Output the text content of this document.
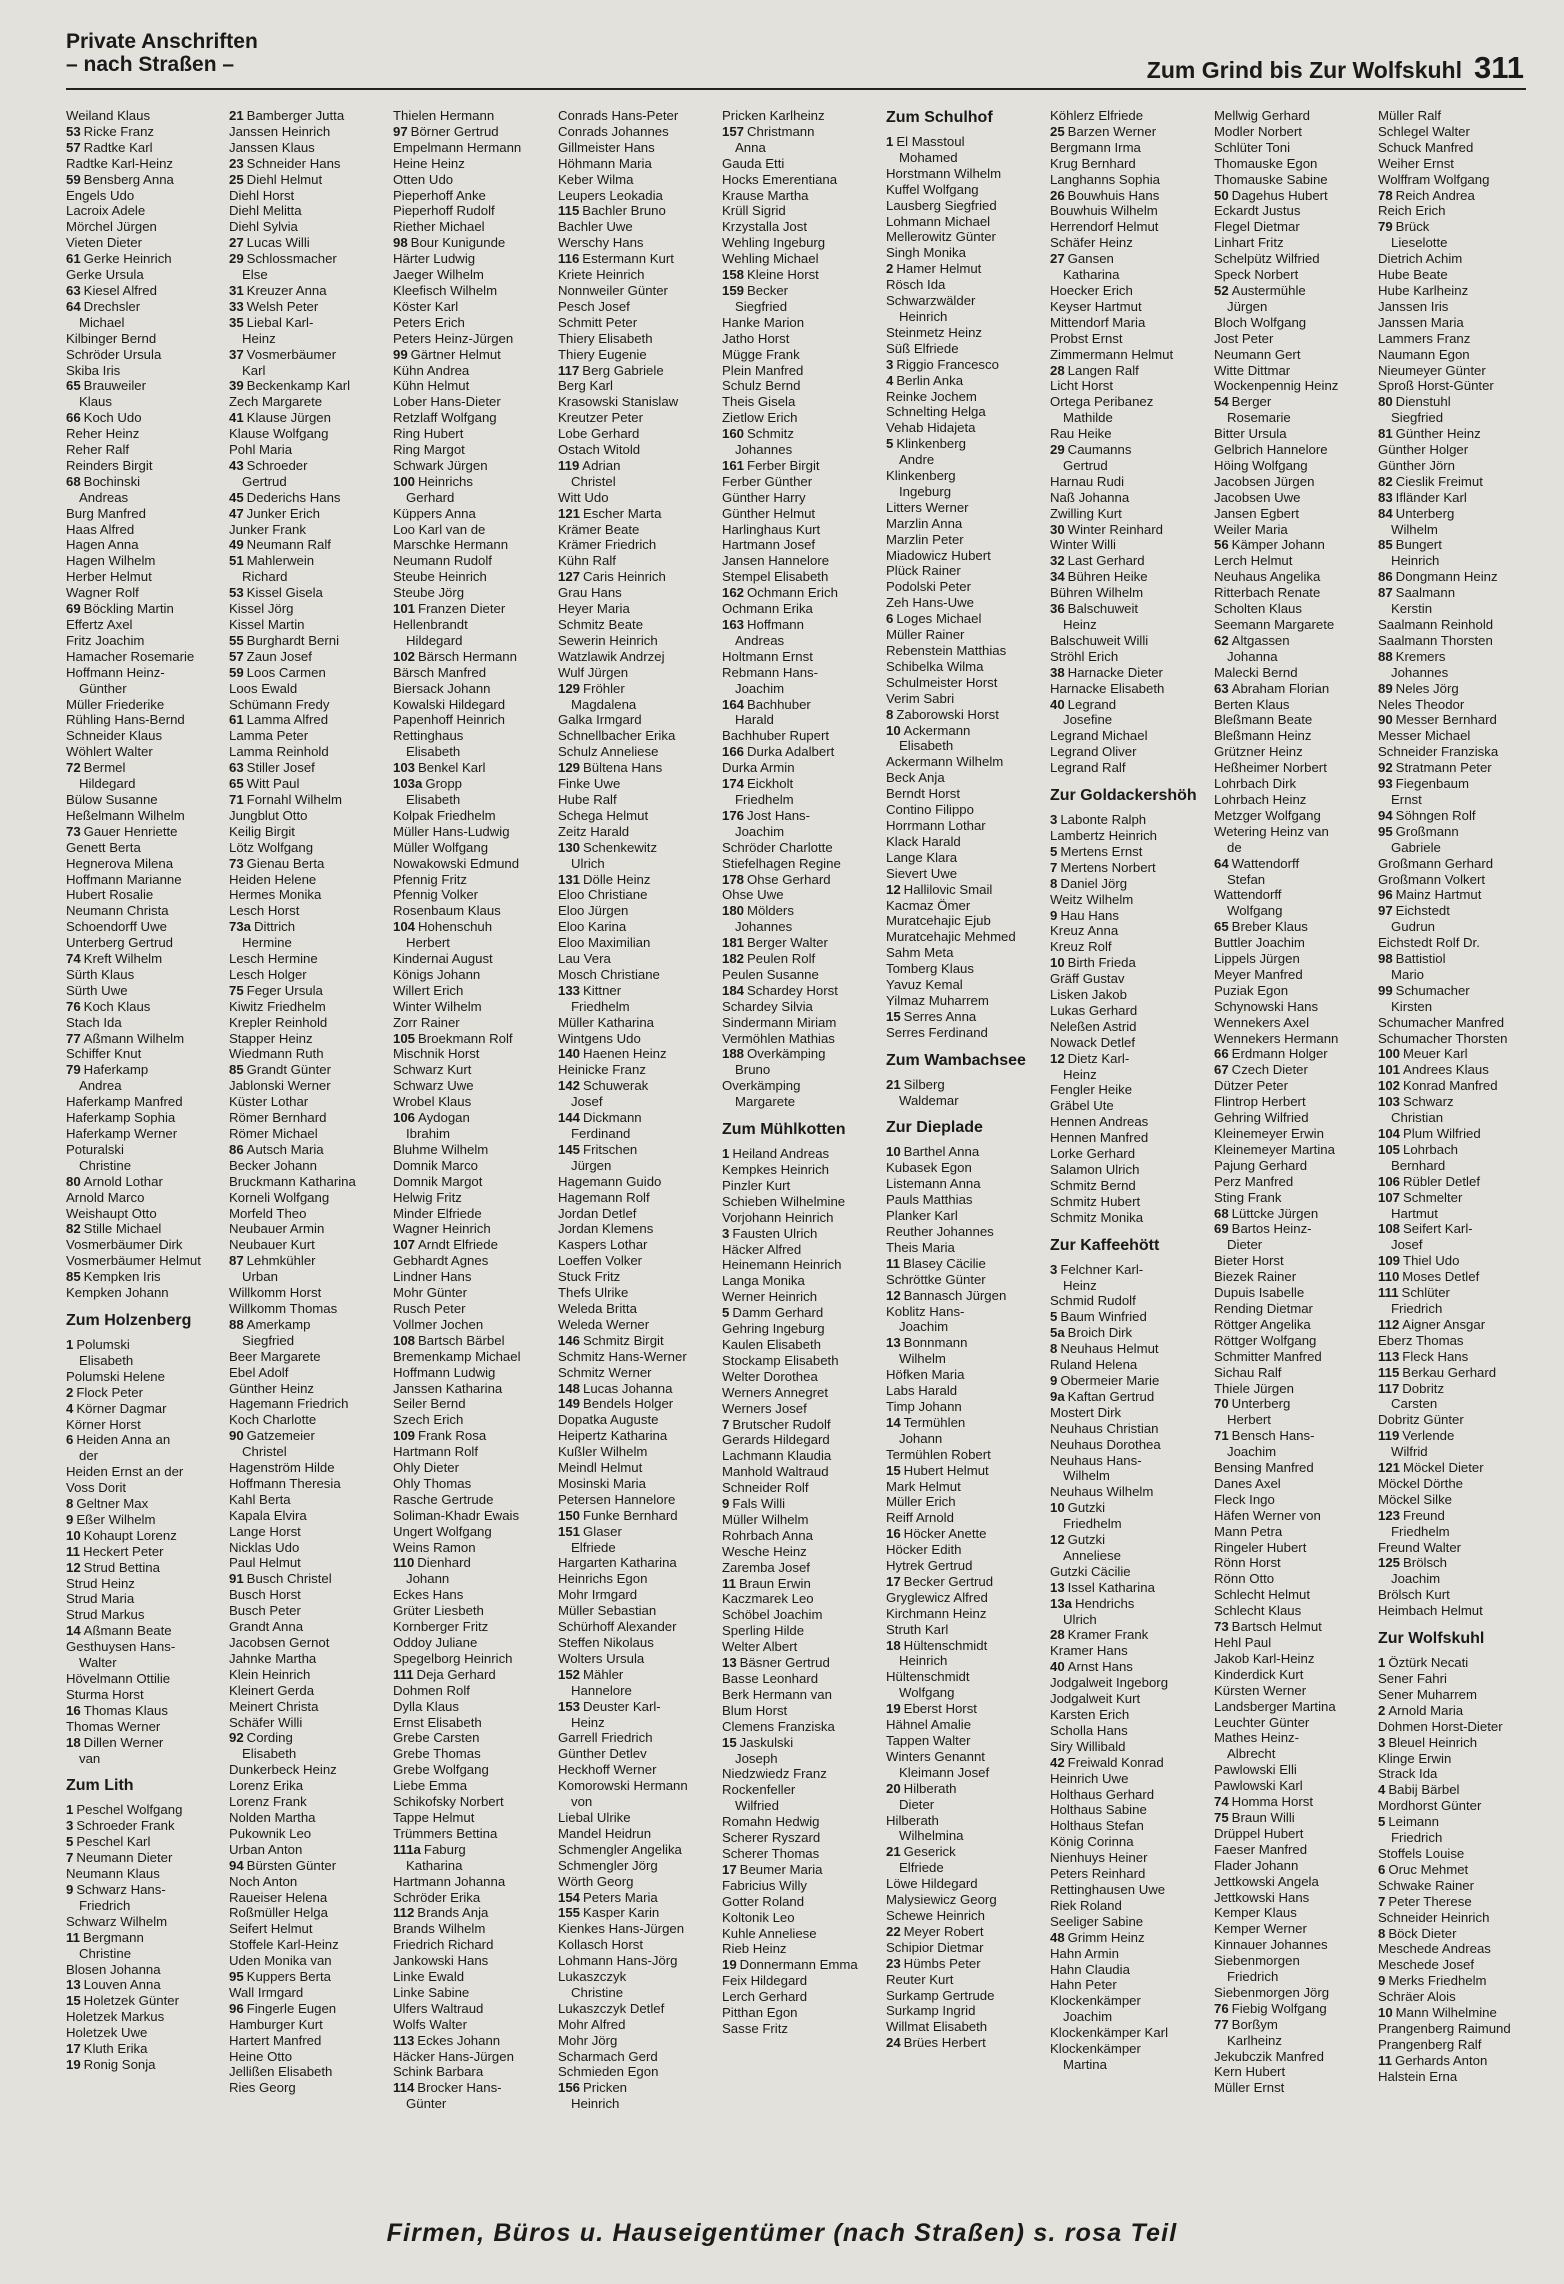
Private Anschriften
– nach Straßen –	Zum Grind bis Zur Wolfskuhl 311
Weiland Klaus
53 Ricke Franz
57 Radtke Karl
Radtke Karl-Heinz
59 Bensberg Anna
Engels Udo
Lacroix Adele
Mörchel Jürgen
Vieten Dieter
61 Gerke Heinrich
Gerke Ursula
63 Kiesel Alfred
64 Drechsler
Michael
Kilbinger Bernd
Schröder Ursula
Skiba Iris
65 Brauweiler
Klaus
66 Koch Udo
Reher Heinz
Reher Ralf
Reinders Birgit
68 Bochinski
Andreas
Burg Manfred
Haas Alfred
Hagen Anna
Hagen Wilhelm
Herber Helmut
Wagner Rolf
69 Böckling Martin
Effertz Axel
Fritz Joachim
Hamacher Rosemarie
Hoffmann Heinz-
Günther
Müller Friederike
Rühling Hans-Bernd
Schneider Klaus
Wöhlert Walter
72 Bermel
Hildegard
Bülow Susanne
Heßelmann Wilhelm
73 Gauer Henriette
Genett Berta
Hegnerova Milena
Hoffmann Marianne
Hubert Rosalie
Neumann Christa
Schoendorff Uwe
Unterberg Gertrud
74 Kreft Wilhelm
Sürth Klaus
Sürth Uwe
76 Koch Klaus
Stach Ida
77 Aßmann Wilhelm
Schiffer Knut
79 Haferkamp
Andrea
Haferkamp Manfred
Haferkamp Sophia
Haferkamp Werner
Poturalski
Christine
80 Arnold Lothar
Arnold Marco
Weishaupt Otto
82 Stille Michael
Vosmerbäumer Dirk
Vosmerbäumer Helmut
85 Kempken Iris
Kempken Johann
Zum Holzenberg
1 Polumski
Elisabeth
Polumski Helene
2 Flock Peter
4 Körner Dagmar
Körner Horst
6 Heiden Anna an
der
Heiden Ernst an der
Voss Dorit
8 Geltner Max
9 Eßer Wilhelm
10 Kohaupt Lorenz
11 Heckert Peter
12 Strud Bettina
Strud Heinz
Strud Maria
Strud Markus
14 Aßmann Beate
Gesthuysen Hans-
Walter
Hövelmann Ottilie
Sturma Horst
16 Thomas Klaus
Thomas Werner
18 Dillen Werner
van
Zum Lith
1 Peschel Wolfgang
3 Schroeder Frank
5 Peschel Karl
7 Neumann Dieter
Neumann Klaus
9 Schwarz Hans-
Friedrich
Schwarz Wilhelm
11 Bergmann
Christine
Blosen Johanna
13 Louven Anna
15 Holetzek Günter
Holetzek Markus
Holetzek Uwe
17 Kluth Erika
19 Ronig Sonja
21 Bamberger Jutta
Janssen Heinrich
Janssen Klaus
23 Schneider Hans
25 Diehl Helmut
Diehl Horst
Diehl Melitta
Diehl Sylvia
27 Lucas Willi
29 Schlossmacher
Else
31 Kreuzer Anna
33 Welsh Peter
35 Liebal Karl-
Heinz
37 Vosmerbäumer
Karl
39 Beckenkamp Karl
Zech Margarete
41 Klause Jürgen
Klause Wolfgang
Pohl Maria
43 Schroeder
Gertrud
45 Dederichs Hans
47 Junker Erich
Junker Frank
49 Neumann Ralf
51 Mahlerwein
Richard
53 Kissel Gisela
Kissel Jörg
Kissel Martin
55 Burghardt Berni
57 Zaun Josef
59 Loos Carmen
Loos Ewald
Schümann Fredy
61 Lamma Alfred
Lamma Peter
Lamma Reinhold
63 Stiller Josef
65 Witt Paul
71 Fornahl Wilhelm
Jungblut Otto
Keilig Birgit
Lötz Wolfgang
73 Gienau Berta
Heiden Helene
Hermes Monika
Lesch Horst
73a Dittrich
Hermine
Lesch Hermine
Lesch Holger
75 Feger Ursula
Kiwitz Friedhelm
Krepler Reinhold
Stapper Heinz
Wiedmann Ruth
85 Grandt Günter
Jablonski Werner
Küster Lothar
Römer Bernhard
Römer Michael
86 Autsch Maria
Becker Johann
Bruckmann Katharina
Korneli Wolfgang
Morfeld Theo
Neubauer Armin
Neubauer Kurt
87 Lehmkühler
Urban
Willkomm Horst
Willkomm Thomas
88 Amerkamp
Siegfried
Beer Margarete
Ebel Adolf
Günther Heinz
Hagemann Friedrich
Koch Charlotte
90 Gatzemeier
Christel
Hagenström Hilde
Hoffmann Theresia
Kahl Berta
Kapala Elvira
Lange Horst
Nicklas Udo
Paul Helmut
91 Busch Christel
Busch Horst
Busch Peter
Grandt Anna
Jacobsen Gernot
Jahnke Martha
Klein Heinrich
Kleinert Gerda
Meinert Christa
Schäfer Willi
92 Cording
Elisabeth
Dunkerbeck Heinz
Lorenz Erika
Lorenz Frank
Nolden Martha
Pukownik Leo
Urban Anton
94 Bürsten Günter
Noch Anton
Raueiser Helena
Roßmüller Helga
Seifert Helmut
Stoffele Karl-Heinz
Uden Monika van
95 Kuppers Berta
Wall Irmgard
96 Fingerle Eugen
Hamburger Kurt
Hartert Manfred
Heine Otto
Jellißen Elisabeth
Ries Georg
Thielen Hermann
97 Börner Gertrud
Empelmann Hermann
Heine Heinz
Otten Udo
Pieperhoff Anke
Pieperhoff Rudolf
Riether Michael
98 Bour Kunigunde
Härter Ludwig
Jaeger Wilhelm
Kleefisch Wilhelm
Köster Karl
Peters Erich
Peters Heinz-Jürgen
99 Gärtner Helmut
Kühn Andrea
Kühn Helmut
Lober Hans-Dieter
Retzlaff Wolfgang
Ring Hubert
Ring Margot
Schwark Jürgen
100 Heinrichs
Gerhard
Küppers Anna
Loo Karl van de
Marschke Hermann
Neumann Rudolf
Steube Heinrich
Steube Jörg
101 Franzen Dieter
Hellenbrandt
Hildegard
102 Bärsch Hermann
Bärsch Manfred
Biersack Johann
Kowalski Hildegard
Papenhoff Heinrich
Rettinghaus
Elisabeth
103 Benkel Karl
103a Gropp
Elisabeth
Kolpak Friedhelm
Müller Hans-Ludwig
Müller Wolfgang
Nowakowski Edmund
Pfennig Fritz
Pfennig Volker
Rosenbaum Klaus
104 Hohenschuh
Herbert
Kindernai August
Königs Johann
Willert Erich
Winter Wilhelm
Zorr Rainer
105 Broekmann Rolf
Mischnik Horst
Schwarz Kurt
Schwarz Uwe
Wrobel Klaus
106 Aydogan
Ibrahim
Bluhme Wilhelm
Domnik Marco
Domnik Margot
Helwig Fritz
Minder Elfriede
Wagner Heinrich
107 Arndt Elfriede
Gebhardt Agnes
Lindner Hans
Mohr Günter
Rusch Peter
Vollmer Jochen
108 Bartsch Bärbel
Bremenkamp Michael
Hoffmann Ludwig
Janssen Katharina
Seiler Bernd
Szech Erich
109 Frank Rosa
Hartmann Rolf
Ohly Dieter
Ohly Thomas
Rasche Gertrude
Soliman-Khadr Ewais
Ungert Wolfgang
Weins Ramon
110 Dienhard
Johann
Eckes Hans
Grüter Liesbeth
Kornberger Fritz
Oddoy Juliane
Spegelborg Heinrich
111 Deja Gerhard
Dohmen Rolf
Dylla Klaus
Ernst Elisabeth
Grebe Carsten
Grebe Thomas
Grebe Wolfgang
Liebe Emma
Schikofsky Norbert
Tappe Helmut
Trümmers Bettina
111a Faburg
Katharina
Hartmann Johanna
Schröder Erika
112 Brands Anja
Brands Wilhelm
Friedrich Richard
Jankowski Hans
Linke Ewald
Linke Sabine
Ulfers Waltraud
Wolfs Walter
113 Eckes Johann
Häcker Hans-Jürgen
Schink Barbara
114 Brocker Hans-
Günter
Conrads Hans-Peter
Conrads Johannes
Gillmeister Hans
Höhmann Maria
Keber Wilma
Leupers Leokadia
115 Bachler Bruno
Bachler Uwe
Werschy Hans
116 Estermann Kurt
Kriete Heinrich
Nonnweiler Günter
Pesch Josef
Schmitt Peter
Thiery Elisabeth
Thiery Eugenie
117 Berg Gabriele
Berg Karl
Krasowski Stanislaw
Kreutzer Peter
Lobe Gerhard
Ostach Witold
119 Adrian
Christel
Witt Udo
121 Escher Marta
Krämer Beate
Krämer Friedrich
Kühn Ralf
127 Caris Heinrich
Grau Hans
Heyer Maria
Schmitz Beate
Sewerin Heinrich
Watzlawik Andrzej
Wulf Jürgen
129 Fröhler
Magdalena
Galka Irmgard
Schnellbacher Erika
Schulz Anneliese
129 Bültena Hans
Finke Uwe
Hube Ralf
Schega Helmut
Zeitz Harald
130 Schenkewitz
Ulrich
131 Dölle Heinz
Eloo Christiane
Eloo Jürgen
Eloo Karina
Eloo Maximilian
Lau Vera
Mosch Christiane
133 Kittner
Friedhelm
Müller Katharina
Wintgens Udo
140 Haenen Heinz
Heinicke Franz
142 Schuwerak
Josef
144 Dickmann
Ferdinand
145 Fritschen
Jürgen
Hagemann Guido
Hagemann Rolf
Jordan Detlef
Jordan Klemens
Kaspers Lothar
Loeffen Volker
Stuck Fritz
Thefs Ulrike
Weleda Britta
Weleda Werner
146 Schmitz Birgit
Schmitz Hans-Werner
Schmitz Werner
148 Lucas Johanna
149 Bendels Holger
Dopatka Auguste
Heipertz Katharina
Kußler Wilhelm
Meindl Helmut
Mosinski Maria
Petersen Hannelore
150 Funke Bernhard
151 Glaser
Elfriede
Hargarten Katharina
Heinrichs Egon
Mohr Irmgard
Müller Sebastian
Schürhoff Alexander
Steffen Nikolaus
Wolters Ursula
152 Mähler
Hannelore
153 Deuster Karl-
Heinz
Garrell Friedrich
Günther Detlev
Heckhoff Werner
Komorowski Hermann
von
Liebal Ulrike
Mandel Heidrun
Schmengler Angelika
Schmengler Jörg
Wörth Georg
154 Peters Maria
155 Kasper Karin
Kienkes Hans-Jürgen
Kollasch Horst
Lohmann Hans-Jörg
Lukaszczyk
Christine
Lukaszczyk Detlef
Mohr Alfred
Mohr Jörg
Scharmach Gerd
Schmieden Egon
156 Pricken
Heinrich
Pricken Karlheinz
157 Christmann
Anna
Gauda Etti
Hocks Emerentiana
Krause Martha
Krüll Sigrid
Krzystalla Jost
Wehling Ingeburg
Wehling Michael
158 Kleine Horst
159 Becker
Siegfried
Hanke Marion
Jatho Horst
Mügge Frank
Plein Manfred
Schulz Bernd
Theis Gisela
Zietlow Erich
160 Schmitz
Johannes
161 Ferber Birgit
Ferber Günther
Günther Harry
Günther Helmut
Harlinghaus Kurt
Hartmann Josef
Jansen Hannelore
Stempel Elisabeth
162 Ochmann Erich
Ochmann Erika
163 Hoffmann
Andreas
Holtmann Ernst
Rebmann Hans-
Joachim
164 Bachhuber
Harald
Bachhuber Rupert
166 Durka Adalbert
Durka Armin
174 Eickholt
Friedhelm
176 Jost Hans-
Joachim
Schröder Charlotte
Stiefelhagen Regine
178 Ohse Gerhard
Ohse Uwe
180 Mölders
Johannes
181 Berger Walter
182 Peulen Rolf
Peulen Susanne
184 Schardey Horst
Schardey Silvia
Sindermann Miriam
Vermöhlen Mathias
188 Overkämping
Bruno
Overkämping
Margarete
Zum Mühlkotten
1 Heiland Andreas
Kempkes Heinrich
Pinzler Kurt
Schieben Wilhelmine
Vorjohann Heinrich
3 Fausten Ulrich
Häcker Alfred
Heinemann Heinrich
Langa Monika
Werner Heinrich
5 Damm Gerhard
Gehring Ingeburg
Kaulen Elisabeth
Stockamp Elisabeth
Welter Dorothea
Werners Annegret
Werners Josef
7 Brutscher Rudolf
Gerards Hildegard
Lachmann Klaudia
Manhold Waltraud
Schneider Rolf
9 Fals Willi
Müller Wilhelm
Rohrbach Anna
Wesche Heinz
Zaremba Josef
11 Braun Erwin
Kaczmarek Leo
Schöbel Joachim
Sperling Hilde
Welter Albert
13 Bäsner Gertrud
Basse Leonhard
Berk Hermann van
Blum Horst
Clemens Franziska
15 Jaskulski
Joseph
Niedzwiedz Franz
Rockenfeller
Wilfried
Romahn Hedwig
Scherer Ryszard
Scherer Thomas
17 Beumer Maria
Fabricius Willy
Gotter Roland
Koltonik Leo
Kuhle Anneliese
Rieb Heinz
19 Donnermann Emma
Feix Hildegard
Lerch Gerhard
Pitthan Egon
Sasse Fritz
Zum Schulhof
1 El Masstoul
Mohamed
Horstmann Wilhelm
Kuffel Wolfgang
Lausberg Siegfried
Lohmann Michael
Mellerowitz Günter
Singh Monika
2 Hamer Helmut
Rösch Ida
Schwarzwälder
Heinrich
Steinmetz Heinz
Süß Elfriede
3 Riggio Francesco
4 Berlin Anka
Reinke Jochem
Schnelting Helga
Vehab Hidajeta
5 Klinkenberg
Andre
Klinkenberg
Ingeburg
Litters Werner
Marzlin Anna
Marzlin Peter
Miadowicz Hubert
Plück Rainer
Podolski Peter
Zeh Hans-Uwe
6 Loges Michael
Müller Rainer
Rebenstein Matthias
Schibelka Wilma
Schulmeister Horst
Verim Sabri
8 Zaborowski Horst
10 Ackermann
Elisabeth
Ackermann Wilhelm
Beck Anja
Berndt Horst
Contino Filippo
Horrmann Lothar
Klack Harald
Lange Klara
Sievert Uwe
12 Hallilovic Smail
Kacmaz Ömer
Muratcehajic Ejub
Muratcehajic Mehmed
Sahm Meta
Tomberg Klaus
Yavuz Kemal
Yilmaz Muharrem
15 Serres Anna
Serres Ferdinand
Zum Wambachsee
21 Silberg
Waldemar
Zur Dieplade
10 Barthel Anna
Kubasek Egon
Listemann Anna
Pauls Matthias
Planker Karl
Reuther Johannes
Theis Maria
11 Blasey Cäcilie
Schröttke Günter
12 Bannasch Jürgen
Koblitz Hans-
Joachim
13 Bonnmann
Wilhelm
Höfken Maria
Labs Harald
Timp Johann
14 Termühlen
Johann
Termühlen Robert
15 Hubert Helmut
Mark Helmut
Müller Erich
Reiff Arnold
16 Höcker Anette
Höcker Edith
Hytrek Gertrud
17 Becker Gertrud
Gryglewicz Alfred
Kirchmann Heinz
Struth Karl
18 Hültenschmidt
Heinrich
Hültenschmidt
Wolfgang
19 Eberst Horst
Hähnel Amalie
Tappen Walter
Winters Genannt
Kleimann Josef
20 Hilberath
Dieter
Hilberath
Wilhelmina
21 Geserick
Elfriede
Löwe Hildegard
Malysiewicz Georg
Schewe Heinrich
22 Meyer Robert
Schipior Dietmar
23 Hümbs Peter
Reuter Kurt
Surkamp Gertrude
Surkamp Ingrid
Willmat Elisabeth
24 Brües Herbert
Köhlerz Elfriede
25 Barzen Werner
Bergmann Irma
Krug Bernhard
Langhanns Sophia
26 Bouwhuis Hans
Bouwhuis Wilhelm
Herrendorf Helmut
Schäfer Heinz
27 Gansen
Katharina
Hoecker Erich
Keyser Hartmut
Mittendorf Maria
Probst Ernst
Zimmermann Helmut
28 Langen Ralf
Licht Horst
Ortega Peribanez
Mathilde
Rau Heike
29 Caumanns
Gertrud
Harnau Rudi
Naß Johanna
Zwilling Kurt
30 Winter Reinhard
Winter Willi
32 Last Gerhard
34 Bühren Heike
Bühren Wilhelm
36 Balschuweit
Heinz
Balschuweit Willi
Ströhl Erich
38 Harnacke Dieter
Harnacke Elisabeth
40 Legrand
Josefine
Legrand Michael
Legrand Oliver
Legrand Ralf
Zur Goldackershöh
3 Labonte Ralph
Lambertz Heinrich
5 Mertens Ernst
7 Mertens Norbert
8 Daniel Jörg
Weitz Wilhelm
9 Hau Hans
Kreuz Anna
Kreuz Rolf
10 Birth Frieda
Gräff Gustav
Lisken Jakob
Lukas Gerhard
Neleßen Astrid
Nowack Detlef
12 Dietz Karl-
Heinz
Fengler Heike
Gräbel Ute
Hennen Andreas
Hennen Manfred
Lorke Gerhard
Salamon Ulrich
Schmitz Bernd
Schmitz Hubert
Schmitz Monika
Zur Kaffeehött
3 Felchner Karl-
Heinz
Schmid Rudolf
5 Baum Winfried
5a Broich Dirk
8 Neuhaus Helmut
Ruland Helena
9 Obermeier Marie
9a Kaftan Gertrud
Mostert Dirk
Neuhaus Christian
Neuhaus Dorothea
Neuhaus Hans-
Wilhelm
Neuhaus Wilhelm
10 Gutzki
Friedhelm
12 Gutzki
Anneliese
Gutzki Cäcilie
13 Issel Katharina
13a Hendrichs
Ulrich
28 Kramer Frank
Kramer Hans
40 Arnst Hans
Jodgalweit Ingeborg
Jodgalweit Kurt
Karsten Erich
Scholla Hans
Siry Willibald
42 Freiwald Konrad
Heinrich Uwe
Holthaus Gerhard
Holthaus Sabine
Holthaus Stefan
König Corinna
Nienhuys Heiner
Peters Reinhard
Rettinghausen Uwe
Riek Roland
Seeliger Sabine
48 Grimm Heinz
Hahn Armin
Hahn Claudia
Hahn Peter
Klockenkämper
Joachim
Klockenkämper Karl
Klockenkämper
Martina
Mellwig Gerhard
Modler Norbert
Schlüter Toni
Thomauske Egon
Thomauske Sabine
50 Dagehus Hubert
Eckardt Justus
Flegel Dietmar
Linhart Fritz
Schelpütz Wilfried
Speck Norbert
52 Austermühle
Jürgen
Bloch Wolfgang
Jost Peter
Neumann Gert
Witte Dittmar
Wockenpennig Heinz
54 Berger
Rosemarie
Bitter Ursula
Gelbrich Hannelore
Höing Wolfgang
Jacobsen Jürgen
Jacobsen Uwe
Jansen Egbert
Weiler Maria
56 Kämper Johann
Lerch Helmut
Neuhaus Angelika
Ritterbach Renate
Scholten Klaus
Seemann Margarete
62 Altgassen
Johanna
Malecki Bernd
63 Abraham Florian
Berten Klaus
Bleßmann Beate
Bleßmann Heinz
Grützner Heinz
Heßheimer Norbert
Lohrbach Dirk
Lohrbach Heinz
Metzger Wolfgang
Wetering Heinz van
de
64 Wattendorff
Stefan
Wattendorff
Wolfgang
65 Breber Klaus
Buttler Joachim
Lippels Jürgen
Meyer Manfred
Puziak Egon
Schynowski Hans
Wennekers Axel
Wennekers Hermann
66 Erdmann Holger
67 Czech Dieter
Dützer Peter
Flintrop Herbert
Gehring Wilfried
Kleinemeyer Erwin
Kleinemeyer Martina
Pajung Gerhard
Perz Manfred
Sting Frank
68 Lüttcke Jürgen
69 Bartos Heinz-
Dieter
Bieter Horst
Biezek Rainer
Dupuis Isabelle
Rending Dietmar
Röttger Angelika
Röttger Wolfgang
Schmitter Manfred
Sichau Ralf
Thiele Jürgen
70 Unterberg
Herbert
71 Bensch Hans-
Joachim
Bensing Manfred
Danes Axel
Fleck Ingo
Häfen Werner von
Mann Petra
Ringeler Hubert
Rönn Horst
Rönn Otto
Schlecht Helmut
Schlecht Klaus
73 Bartsch Helmut
Hehl Paul
Jakob Karl-Heinz
Kinderdick Kurt
Kürsten Werner
Landsberger Martina
Leuchter Günter
Mathes Heinz-
Albrecht
Pawlowski Elli
Pawlowski Karl
74 Homma Horst
75 Braun Willi
Drüppel Hubert
Faeser Manfred
Flader Johann
Jettkowski Angela
Jettkowski Hans
Kemper Klaus
Kemper Werner
Kinnauer Johannes
Siebenmorgen
Friedrich
Siebenmorgen Jörg
76 Fiebig Wolfgang
77 Borßym
Karlheinz
Jekubczik Manfred
Kern Hubert
Müller Ernst
Müller Ralf
Schlegel Walter
Schuck Manfred
Weiher Ernst
Wolffram Wolfgang
78 Reich Andrea
Reich Erich
79 Brück
Lieselotte
Dietrich Achim
Hube Beate
Hube Karlheinz
Janssen Iris
Janssen Maria
Lammers Franz
Naumann Egon
Nieumeyer Günter
Sproß Horst-Günter
80 Dienstuhl
Siegfried
81 Günther Heinz
Günther Holger
Günther Jörn
82 Cieslik Freimut
83 Ifländer Karl
84 Unterberg
Wilhelm
85 Bungert
Heinrich
86 Dongmann Heinz
87 Saalmann
Kerstin
Saalmann Reinhold
Saalmann Thorsten
88 Kremers
Johannes
89 Neles Jörg
Neles Theodor
90 Messer Bernhard
Messer Michael
Schneider Franziska
92 Stratmann Peter
93 Fiegenbaum
Ernst
94 Söhngen Rolf
95 Großmann
Gabriele
Großmann Gerhard
Großmann Volkert
96 Mainz Hartmut
97 Eichstedt
Gudrun
Eichstedt Rolf Dr.
98 Battistiol
Mario
99 Schumacher
Kirsten
Schumacher Manfred
Schumacher Thorsten
100 Meuer Karl
101 Andrees Klaus
102 Konrad Manfred
103 Schwarz
Christian
104 Plum Wilfried
105 Lohrbach
Bernhard
106 Rübler Detlef
107 Schmelter
Hartmut
108 Seifert Karl-
Josef
109 Thiel Udo
110 Moses Detlef
111 Schlüter
Friedrich
112 Aigner Ansgar
Eberz Thomas
113 Fleck Hans
115 Berkau Gerhard
117 Dobritz
Carsten
Dobritz Günter
119 Verlende
Wilfrid
121 Möckel Dieter
Möckel Dörthe
Möckel Silke
123 Freund
Friedhelm
Freund Walter
125 Brölsch
Joachim
Brölsch Kurt
Heimbach Helmut
Zur Wolfskuhl
1 Öztürk Necati
Sener Fahri
Sener Muharrem
2 Arnold Maria
Dohmen Horst-Dieter
3 Bleuel Heinrich
Klinge Erwin
Strack Ida
4 Babij Bärbel
Mordhorst Günter
5 Leimann
Friedrich
Stoffels Louise
6 Oruc Mehmet
Schwake Rainer
7 Peter Therese
Schneider Heinrich
8 Böck Dieter
Meschede Andreas
Meschede Josef
9 Merks Friedhelm
Schräer Alois
10 Mann Wilhelmine
Prangenberg Raimund
Prangenberg Ralf
11 Gerhards Anton
Halstein Erna
Firmen, Büros u. Hauseigentümer (nach Straßen) s. rosa Teil
